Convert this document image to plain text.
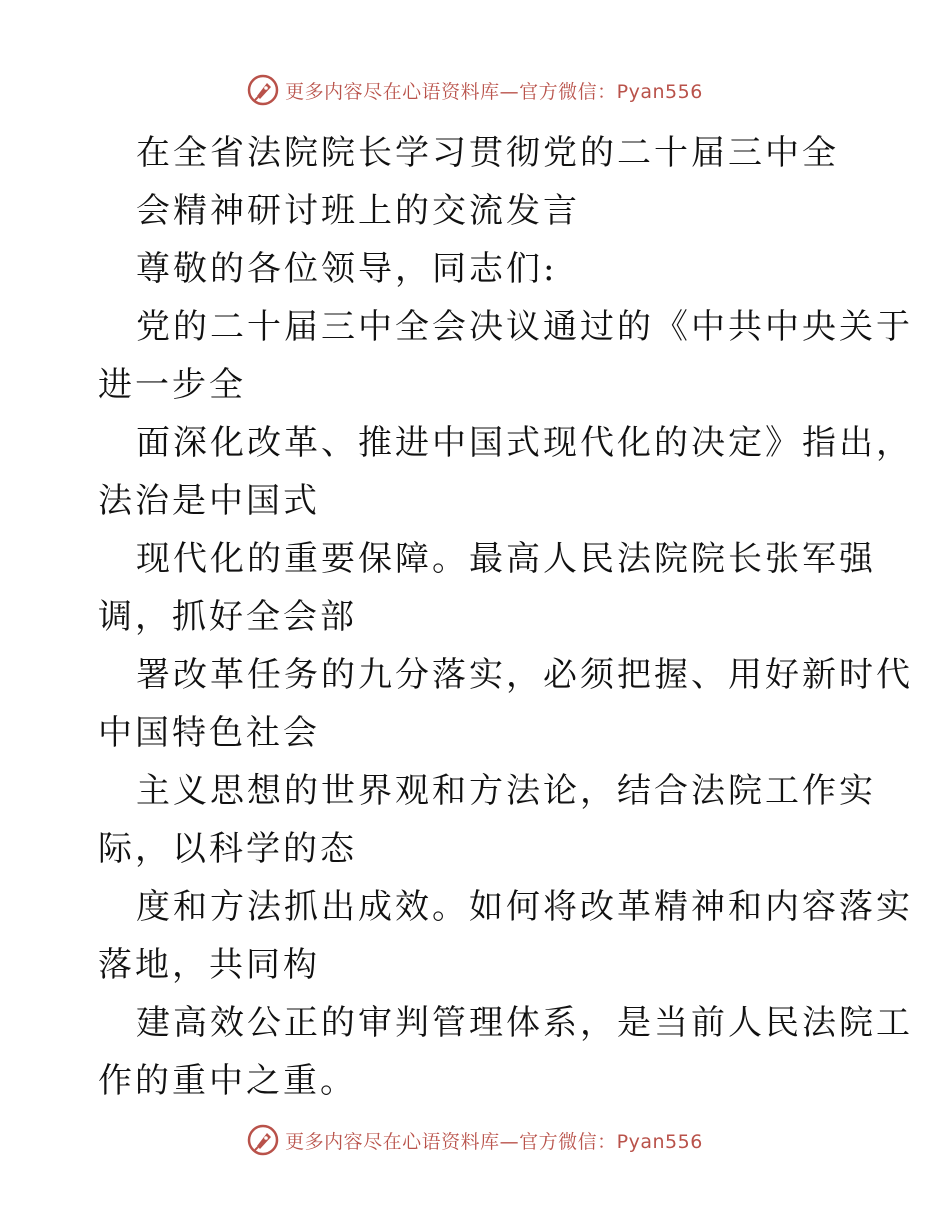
更多内容尽在心语资料库—官方微信：Pyan556
在全省法院院长学习贯彻党的二十届三中全
会精神研讨班上的交流发言
尊敬的各位领导，同志们:
党的二十届三中全会决议通过的《中共中央关于
进一步全
面深化改革、推进中国式现代化的决定》指出，
法治是中国式
现代化的重要保障。最高人民法院院长张军强
调，抓好全会部
署改革任务的九分落实，必须把握、用好新时代
中国特色社会
主义思想的世界观和方法论，结合法院工作实
际，以科学的态
度和方法抓出成效。如何将改革精神和内容落实
落地，共同构
建高效公正的审判管理体系，是当前人民法院工
作的重中之重。
更多内容尽在心语资料库—官方微信：Pyan556
